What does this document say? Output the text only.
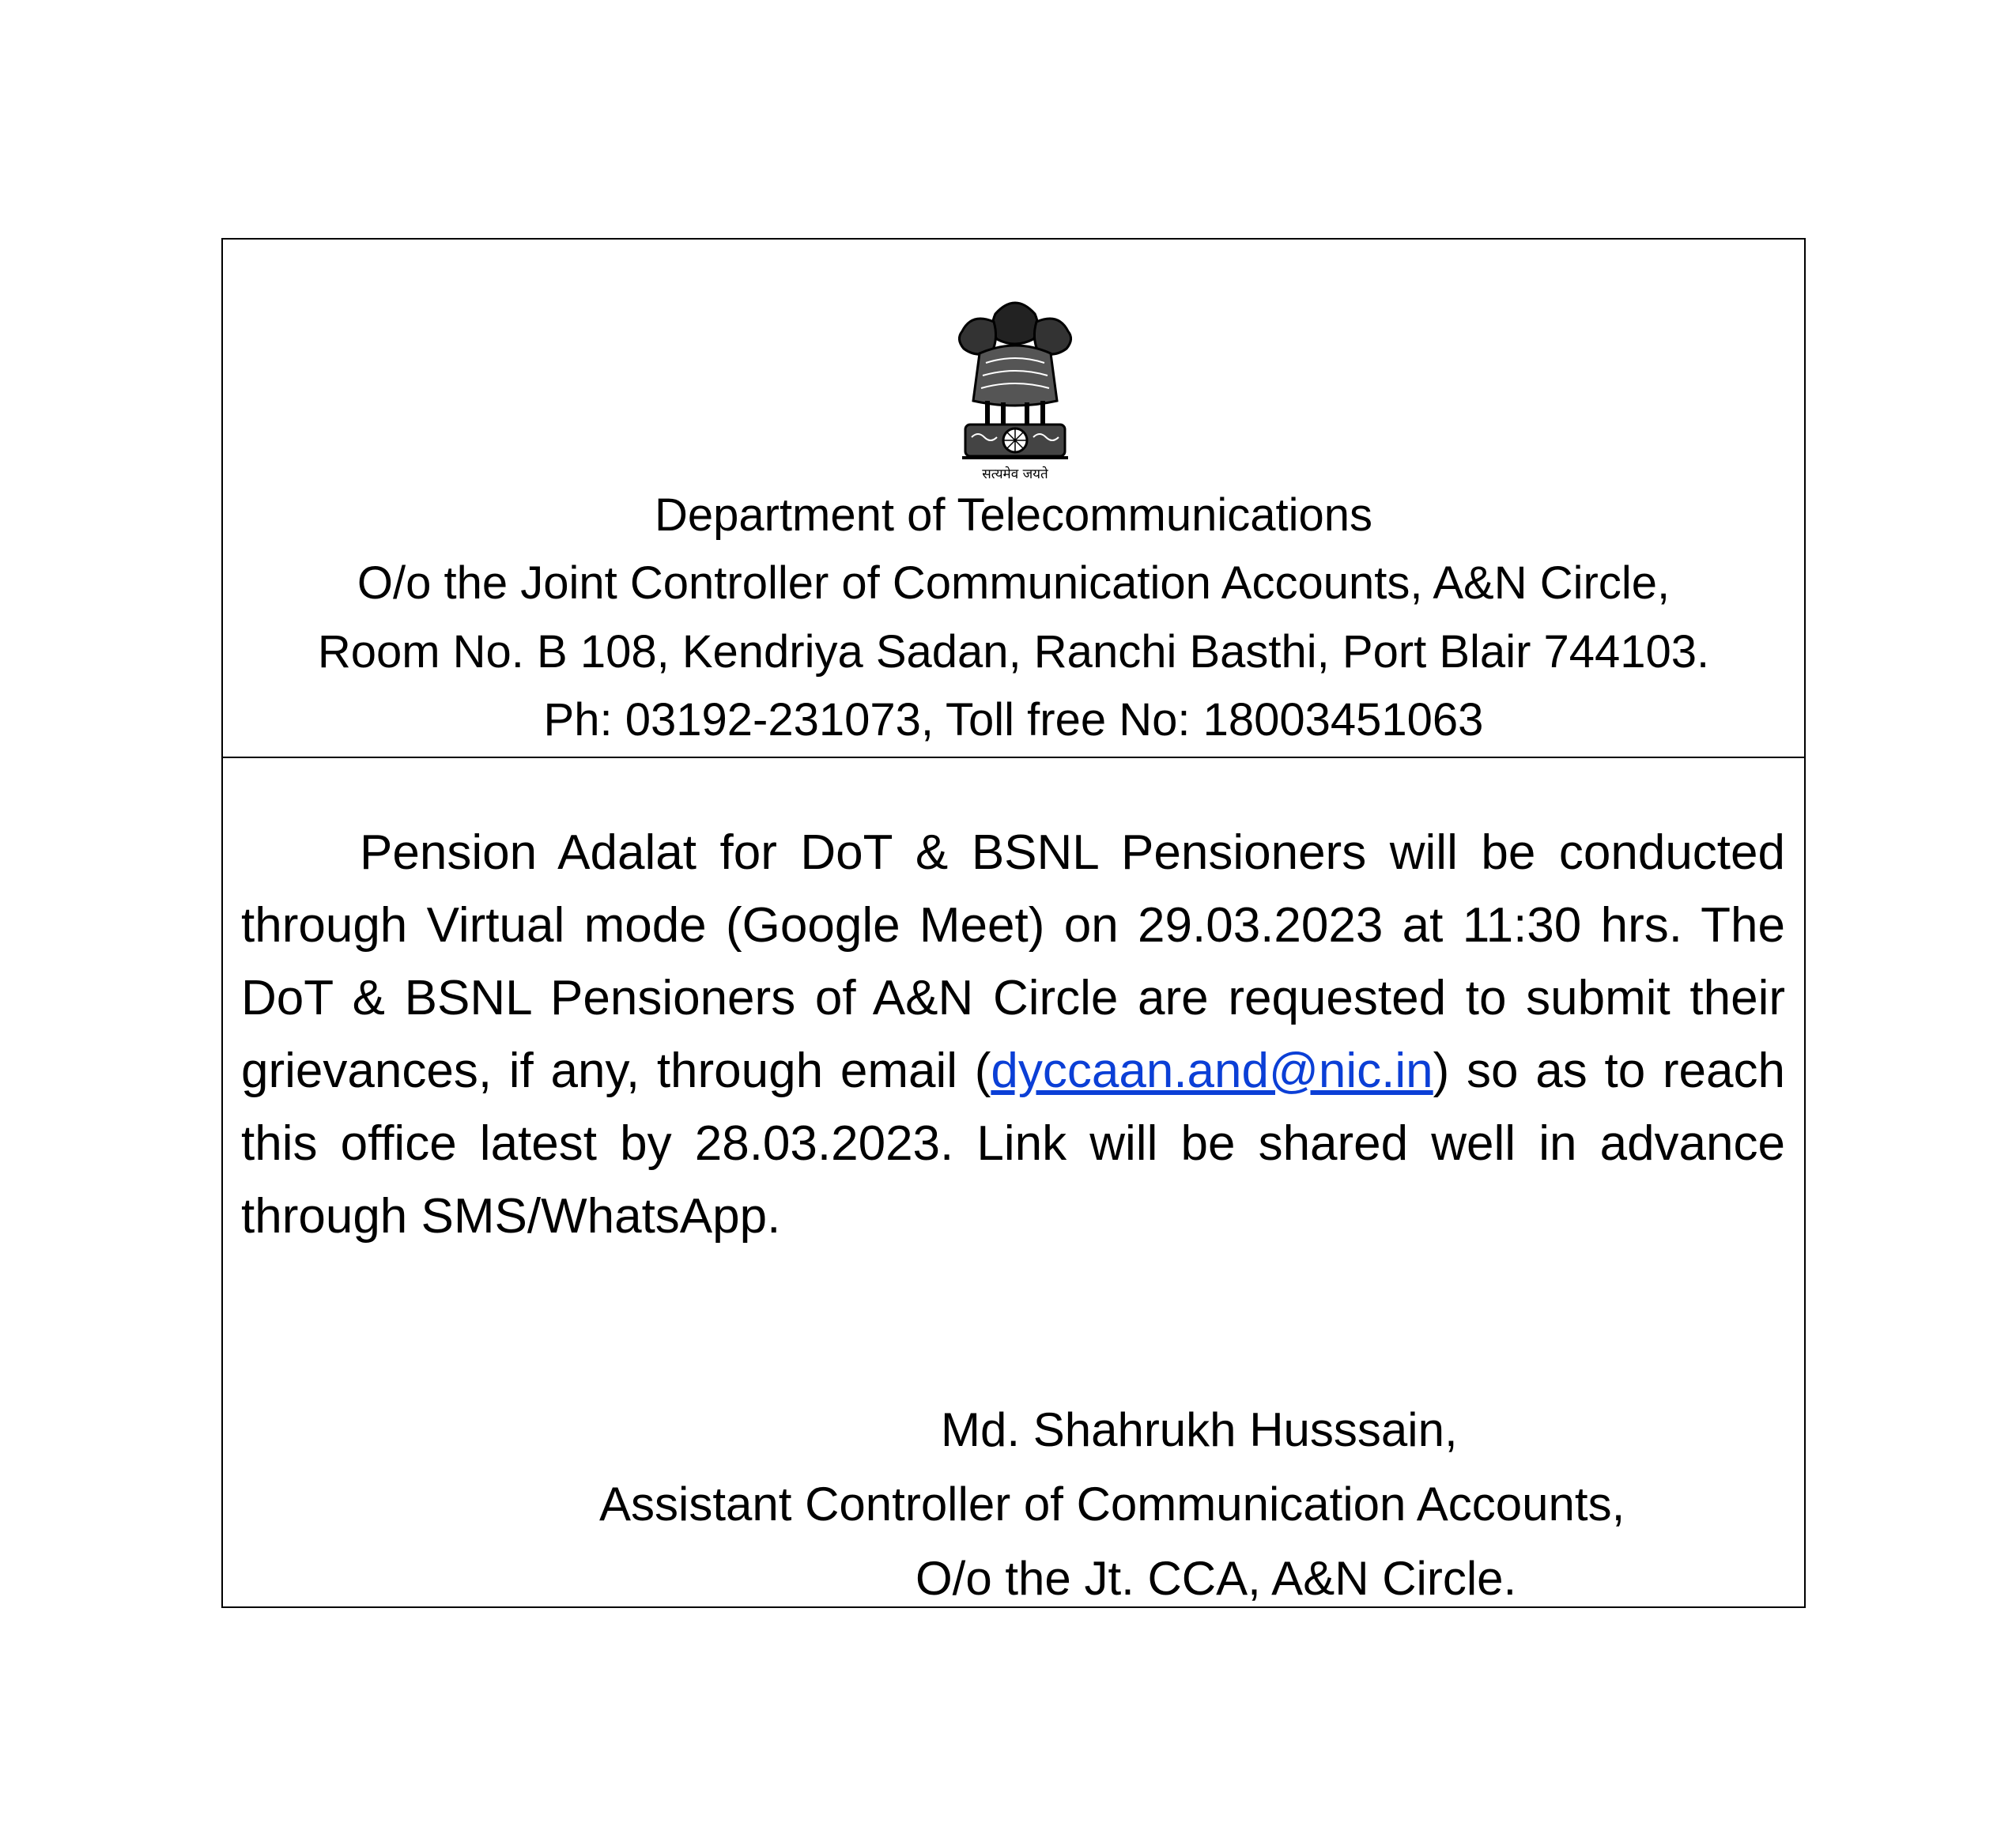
सत्यमेव जयते
Department of Telecommunications
O/o the Joint Controller of Communication Accounts, A&N Circle,
Room No. B 108, Kendriya Sadan, Ranchi Basthi, Port Blair 744103.
Ph: 03192-231073, Toll free No: 18003451063

Pension Adalat for DoT & BSNL Pensioners will be conducted through Virtual mode (Google Meet) on 29.03.2023 at 11:30 hrs. The DoT & BSNL Pensioners of A&N Circle are requested to submit their grievances, if any, through email (dyccaan.and@nic.in) so as to reach this office latest by 28.03.2023. Link will be shared well in advance through SMS/WhatsApp.

Md. Shahrukh Husssain,
Assistant Controller of Communication Accounts,
O/o the Jt. CCA, A&N Circle.
